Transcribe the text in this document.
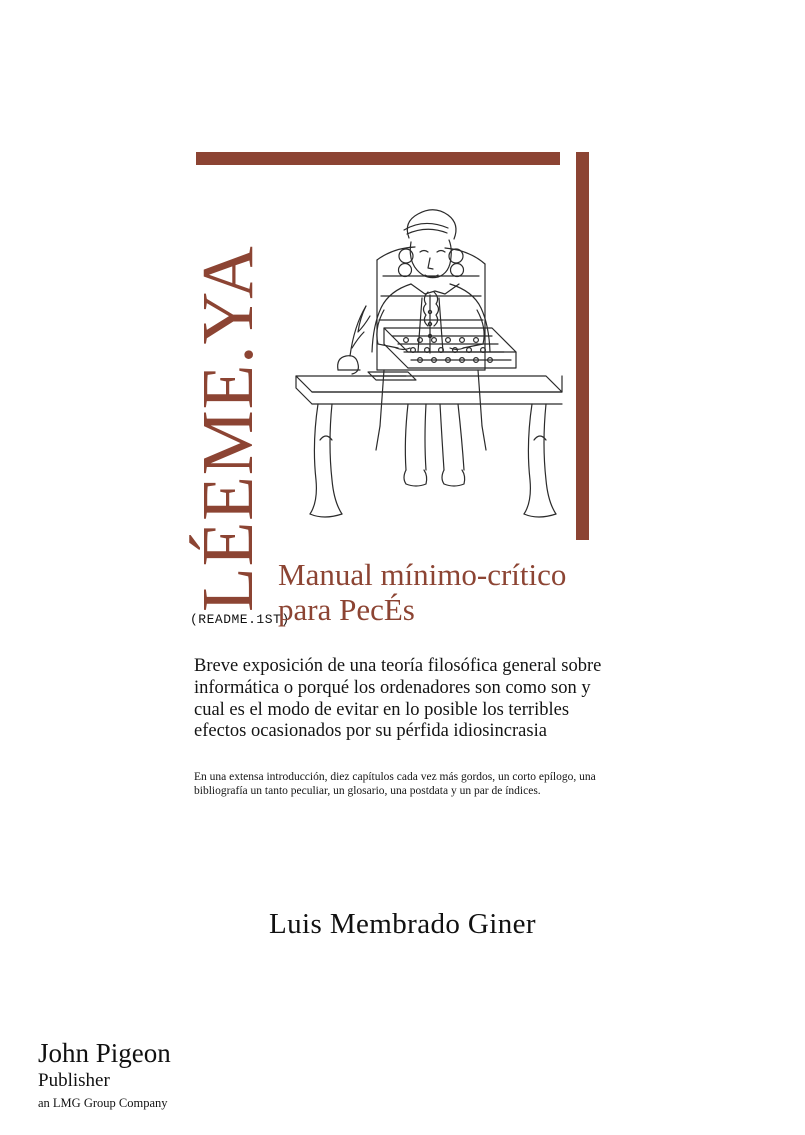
LÉEME.YA
(README.1ST)
Manual mínimo-crítico
para PecÉs
Breve exposición de una teoría filosófica general sobre informática o porqué los ordenadores son como son y cual es el modo de evitar en lo posible los terribles efectos ocasionados por su pérfida idiosincrasia
En una extensa introducción, diez capítulos cada vez más gordos, un corto epílogo, una bibliografía un tanto peculiar, un glosario, una postdata y un par de índices.
Luis Membrado Giner
John Pigeon
Publisher
an LMG Group Company
